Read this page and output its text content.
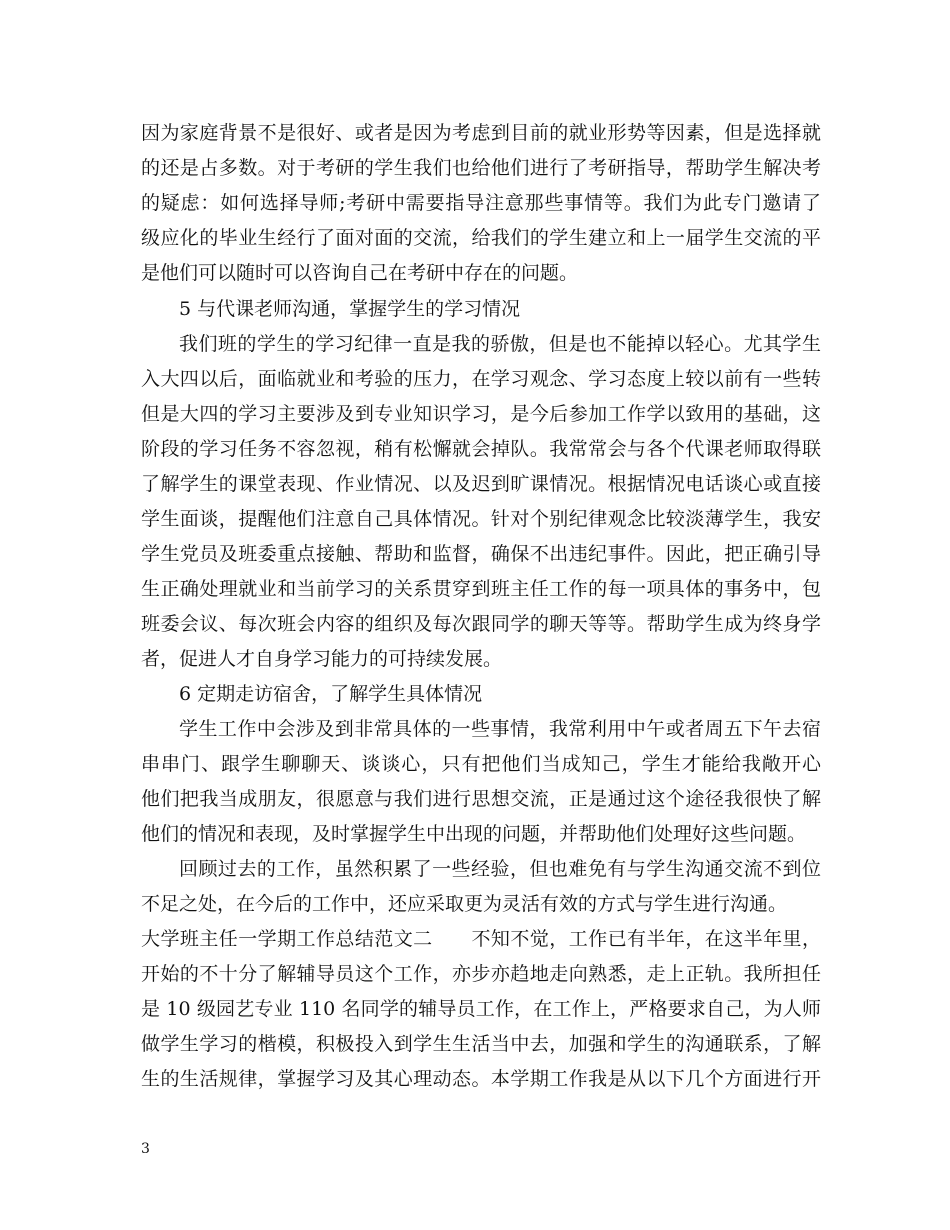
因为家庭背景不是很好、或者是因为考虑到目前的就业形势等因素，但是选择就
的还是占多数。对于考研的学生我们也给他们进行了考研指导，帮助学生解决考
的疑虑：如何选择导师;考研中需要指导注意那些事情等。我们为此专门邀请了
级应化的毕业生经行了面对面的交流，给我们的学生建立和上一届学生交流的平
是他们可以随时可以咨询自己在考研中存在的问题。
5 与代课老师沟通，掌握学生的学习情况
我们班的学生的学习纪律一直是我的骄傲，但是也不能掉以轻心。尤其学生
入大四以后，面临就业和考验的压力，在学习观念、学习态度上较以前有一些转
但是大四的学习主要涉及到专业知识学习，是今后参加工作学以致用的基础，这
阶段的学习任务不容忽视，稍有松懈就会掉队。我常常会与各个代课老师取得联
了解学生的课堂表现、作业情况、以及迟到旷课情况。根据情况电话谈心或直接
学生面谈，提醒他们注意自己具体情况。针对个别纪律观念比较淡薄学生，我安
学生党员及班委重点接触、帮助和监督，确保不出违纪事件。因此，把正确引导
生正确处理就业和当前学习的关系贯穿到班主任工作的每一项具体的事务中，包
班委会议、每次班会内容的组织及每次跟同学的聊天等等。帮助学生成为终身学
者，促进人才自身学习能力的可持续发展。
6 定期走访宿舍，了解学生具体情况
学生工作中会涉及到非常具体的一些事情，我常利用中午或者周五下午去宿
串串门、跟学生聊聊天、谈谈心，只有把他们当成知己，学生才能给我敞开心
他们把我当成朋友，很愿意与我们进行思想交流，正是通过这个途径我很快了解
他们的情况和表现，及时掌握学生中出现的问题，并帮助他们处理好这些问题。
回顾过去的工作，虽然积累了一些经验，但也难免有与学生沟通交流不到位
不足之处，在今后的工作中，还应采取更为灵活有效的方式与学生进行沟通。
大学班主任一学期工作总结范文二　　不知不觉，工作已有半年，在这半年里，
开始的不十分了解辅导员这个工作，亦步亦趋地走向熟悉，走上正轨。我所担任
是 10 级园艺专业 110 名同学的辅导员工作，在工作上，严格要求自己，为人师
做学生学习的楷模，积极投入到学生生活当中去，加强和学生的沟通联系，了解
生的生活规律，掌握学习及其心理动态。本学期工作我是从以下几个方面进行开
3
